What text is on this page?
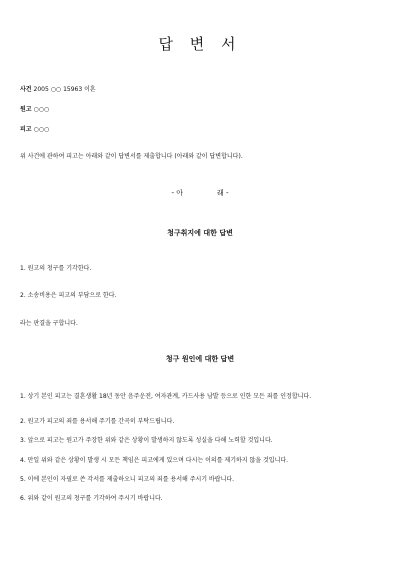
답 변 서
사건 2005 ○○ 15963 이혼
원고 ○○○
피고 ○○○
위 사건에 관하여 피고는 아래와 같이 답변서를 제출합니다 (아래와 같이 답변합니다).
- 아	래 -
청구취지에 대한 답변
1. 원고의 청구를 기각한다.
2. 소송비용은 피고의 부담으로 한다.
라는 판결을 구합니다.
청구 원인에 대한 답변
1. 상기 본인 피고는 결혼생활 18년 동안 음주운전, 여자관계, 카드사용 남발 등으로 인한 모든 죄를 인정합니다.
2. 원고가 피고의 죄를 용서해 주기를 간곡히 부탁드립니다.
3. 앞으로 피고는 원고가 주장한 위와 같은 상황이 발생하지 않도록 성실을 다해 노력할 것입니다.
4. 만일 위와 같은 상황이 발생 시 모든 책임은 피고에게 있으며 다시는 이의를 제기하지 않을 것입니다.
5. 이에 본인이 자필로 쓴 각서를 제출하오니 피고의 죄를 용서해 주시기 바랍니다.
6. 위와 같이 원고의 청구를 기각하여 주시기 바랍니다.
